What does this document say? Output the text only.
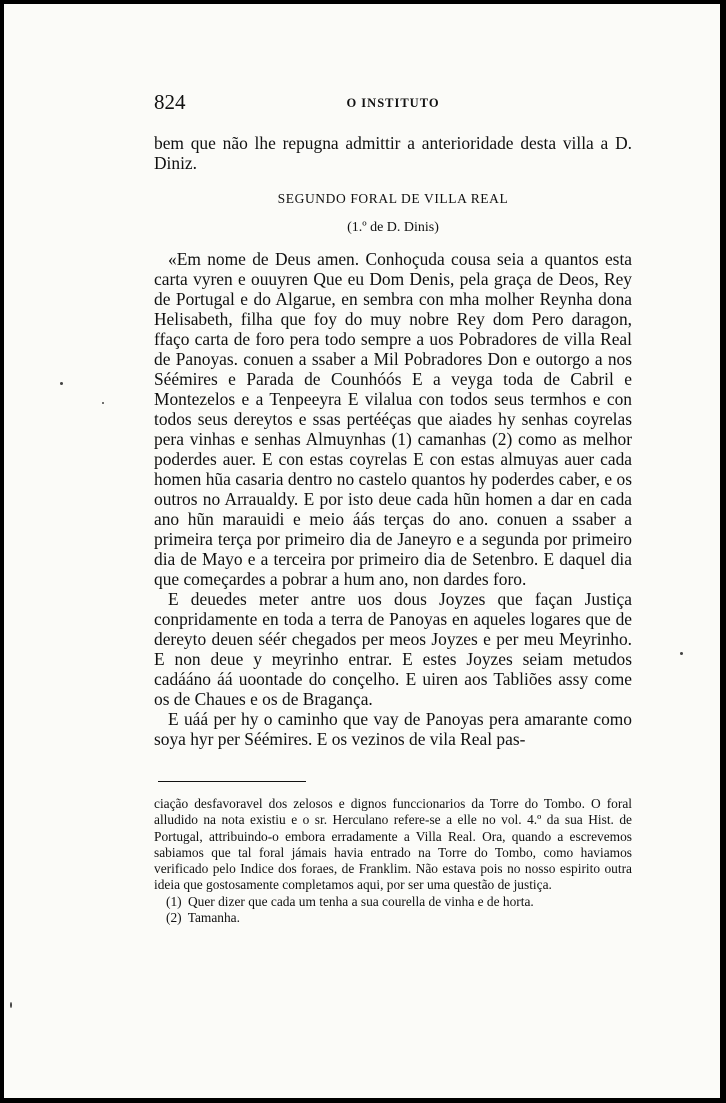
824	O INSTITUTO

bem que não lhe repugna admittir a anterioridade desta villa a D. Diniz.

SEGUNDO FORAL DE VILLA REAL
(1.º de D. Dinis)

«Em nome de Deus amen. Conhoçuda cousa seia a quantos esta carta vyren e ouuyren Que eu Dom Denis, pela graça de Deos, Rey de Portugal e do Algarue, en sembra con mha molher Reynha dona Helisabeth, filha que foy do muy nobre Rey dom Pero daragon, ffaço carta de foro pera todo sempre a uos Pobradores de villa Real de Panoyas. conuen a ssaber a Mil Pobradores Don e outorgo a nos Séémires e Parada de Counhóós E a veyga toda de Cabril e Montezelos e a Tenpeeyra E vilalua con todos seus termhos e con todos seus dereytos e ssas pertééças que aiades hy senhas coyrelas pera vinhas e senhas Almuynhas (1) camanhas (2) como as melhor poderdes auer. E con estas coyrelas E con estas almuyas auer cada homen hũa casaria dentro no castelo quantos hy poderdes caber, e os outros no Arraualdy. E por isto deue cada hũn homen a dar en cada ano hũn marauidi e meio áás terças do ano. conuen a ssaber a primeira terça por primeiro dia de Janeyro e a segunda por primeiro dia de Mayo e a terceira por primeiro dia de Setenbro. E daquel dia que começardes a pobrar a hum ano, non dardes foro.

E deuedes meter antre uos dous Joyzes que façan Justiça conpridamente en toda a terra de Panoyas en aqueles logares que de dereyto deuen séér chegados per meos Joyzes e per meu Meyrinho. E non deue y meyrinho entrar. E estes Joyzes seiam metudos cadááno áá uoontade do conçelho. E uiren aos Tabliões assy come os de Chaues e os de Bragança.

E uáá per hy o caminho que vay de Panoyas pera amarante como soya hyr per Séémires. E os vezinos de vila Real pas-

ciação desfavoravel dos zelosos e dignos funccionarios da Torre do Tombo. O foral alludido na nota existiu e o sr. Herculano refere-se a elle no vol. 4.º da sua Hist. de Portugal, attribuindo-o embora erradamente a Villa Real. Ora, quando a escrevemos sabiamos que tal foral jámais havia entrado na Torre do Tombo, como haviamos verificado pelo Indice dos foraes, de Franklim. Não estava pois no nosso espirito outra ideia que gostosamente completamos aqui, por ser uma questão de justiça.

(1) Quer dizer que cada um tenha a sua courella de vinha e de horta.

(2) Tamanha.
